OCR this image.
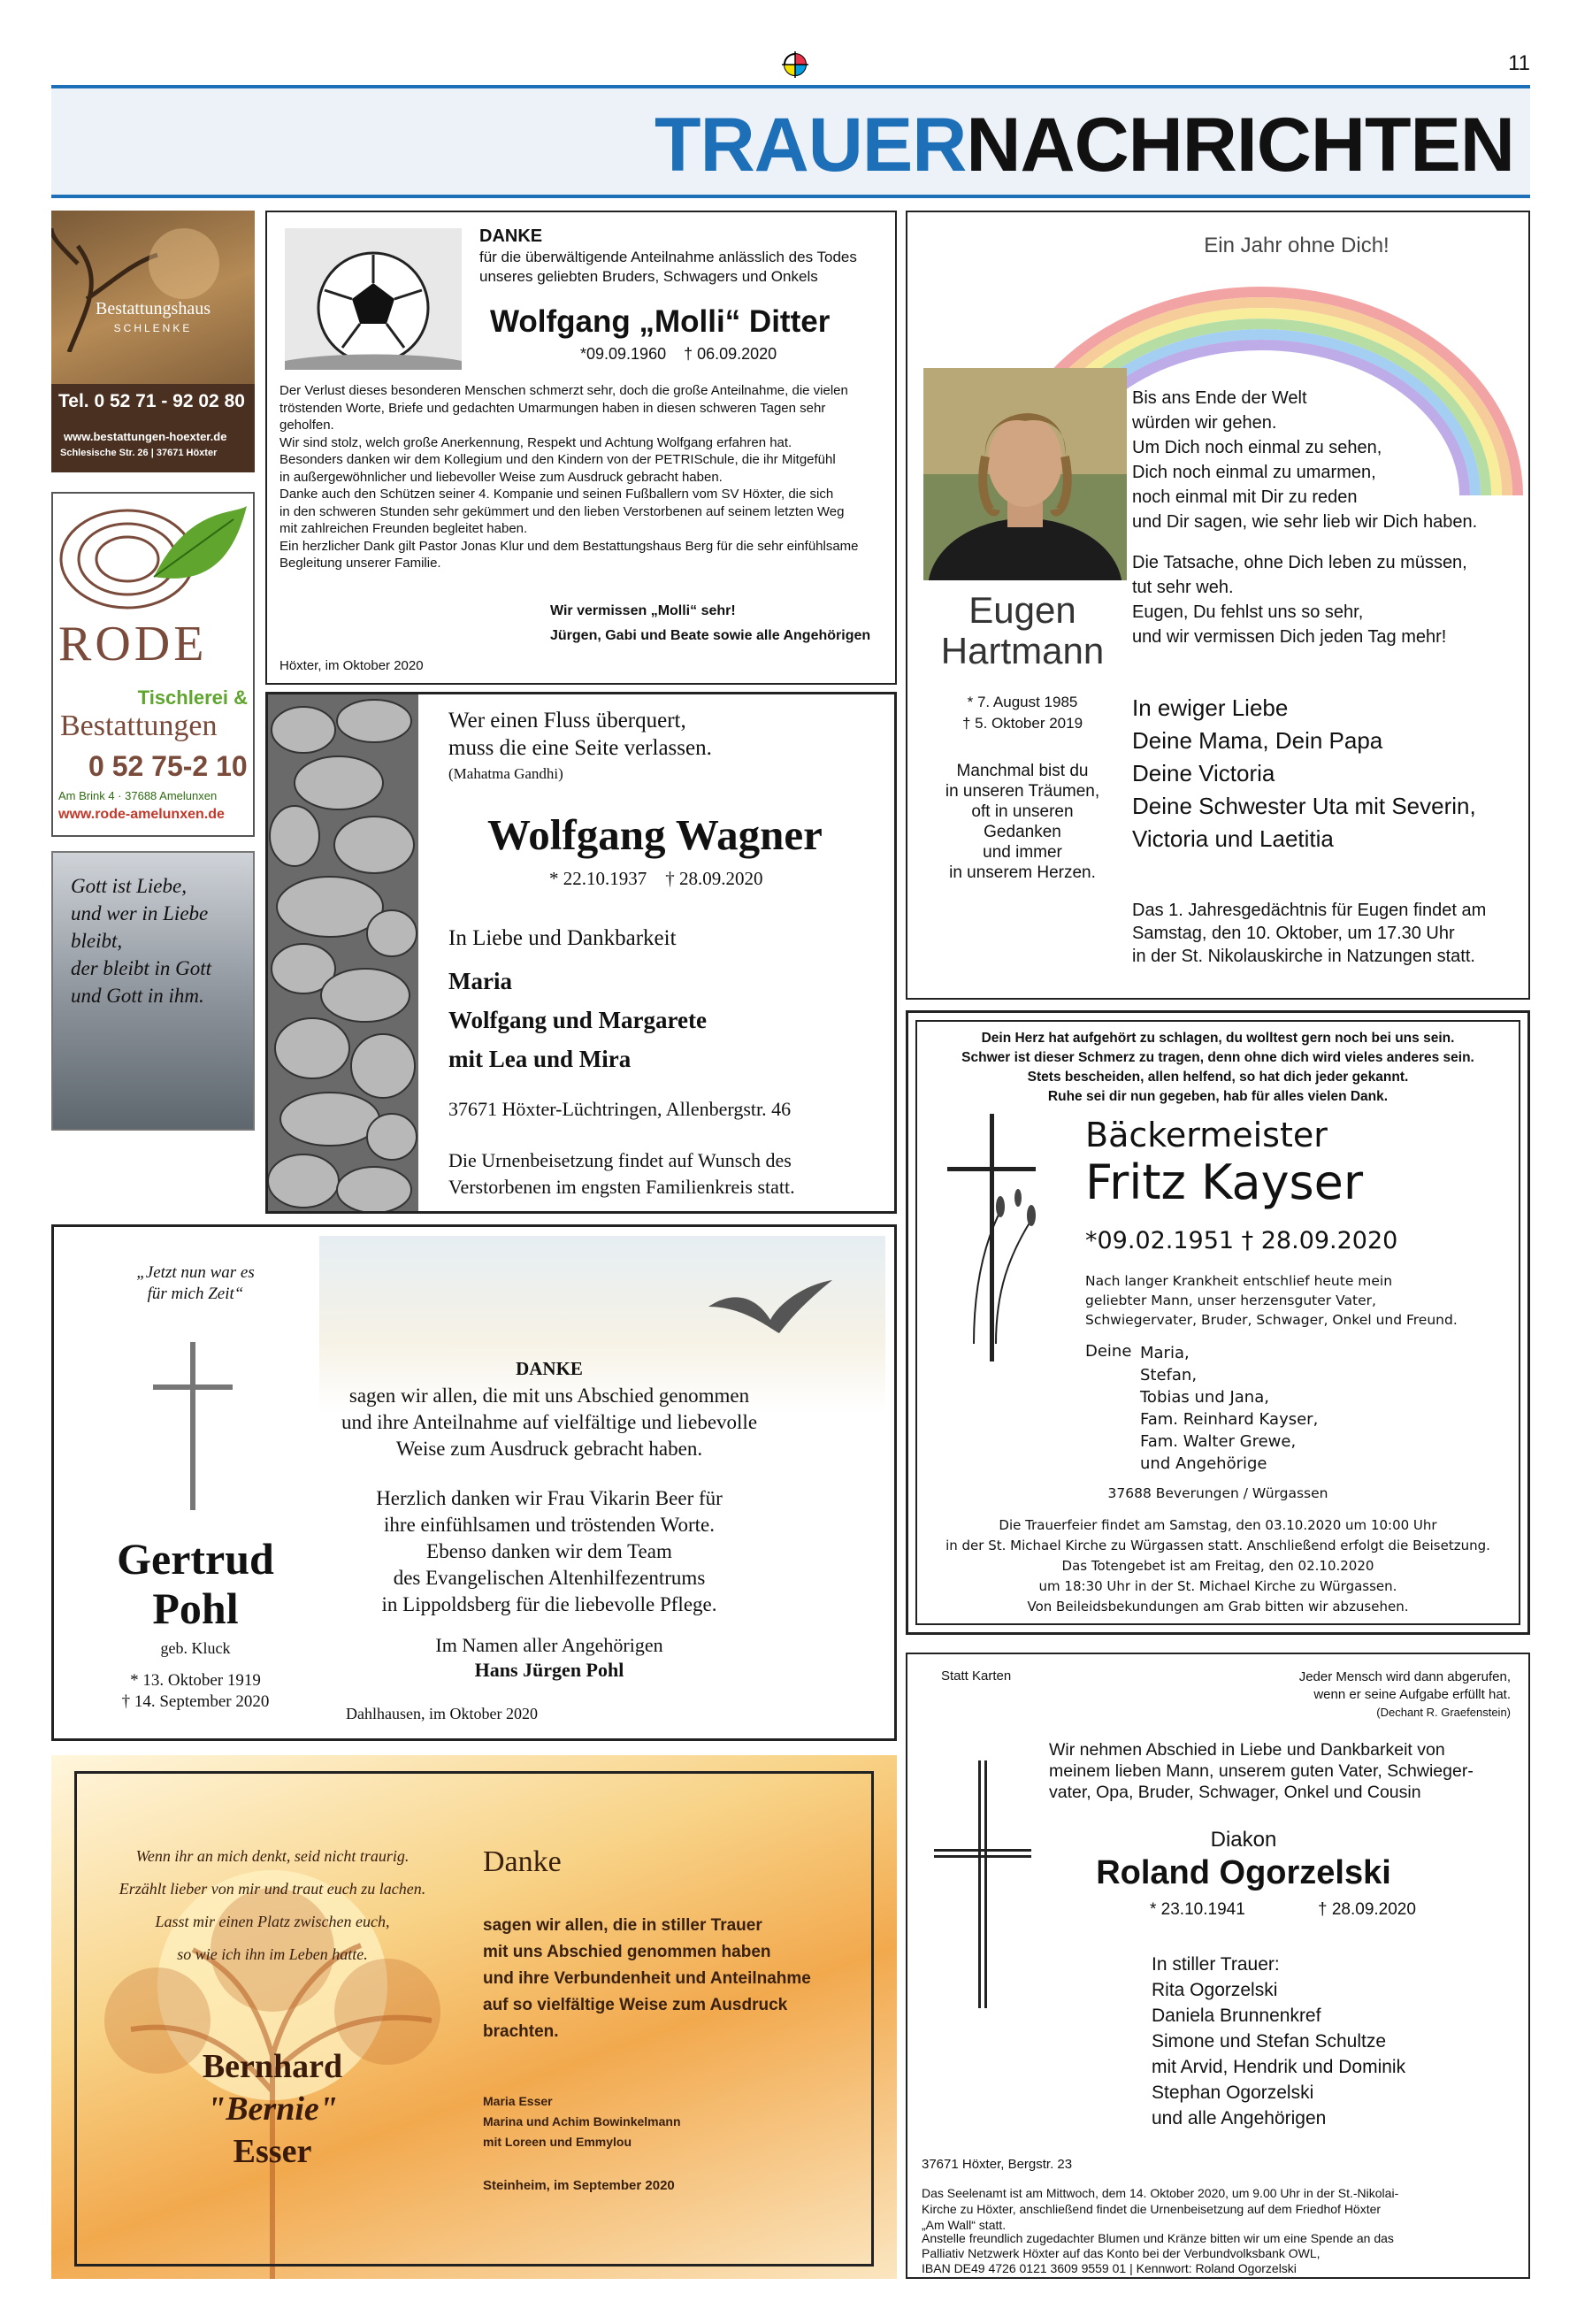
11
TRAUERNACHRICHTEN
Bestattungshaus
SCHLENKE
Tel. 0 52 71 - 92 02 80
www.bestattungen-hoexter.de
Schlesische Str. 26 | 37671 Höxter
RODE
Tischlerei &
Bestattungen
0 52 75-2 10
Am Brink 4 · 37688 Amelunxen
www.rode-amelunxen.de
Gott ist Liebe,
und wer in Liebe
bleibt,
der bleibt in Gott
und Gott in ihm.
DANKE
für die überwältigende Anteilnahme anlässlich des Todes
unseres geliebten Bruders, Schwagers und Onkels
Wolfgang „Molli“ Ditter
*09.09.1960    † 06.09.2020
Der Verlust dieses besonderen Menschen schmerzt sehr, doch die große Anteilnahme, die vielen
tröstenden Worte, Briefe und gedachten Umarmungen haben in diesen schweren Tagen sehr
geholfen.
Wir sind stolz, welch große Anerkennung, Respekt und Achtung Wolfgang erfahren hat.
Besonders danken wir dem Kollegium und den Kindern von der PETRISchule, die ihr Mitgefühl
in außergewöhnlicher und liebevoller Weise zum Ausdruck gebracht haben.
Danke auch den Schützen seiner 4. Kompanie und seinen Fußballern vom SV Höxter, die sich
in den schweren Stunden sehr gekümmert und den lieben Verstorbenen auf seinem letzten Weg
mit zahlreichen Freunden begleitet haben.
Ein herzlicher Dank gilt Pastor Jonas Klur und dem Bestattungshaus Berg für die sehr einfühlsame
Begleitung unserer Familie.
Wir vermissen „Molli“ sehr!
Jürgen, Gabi und Beate sowie alle Angehörigen
Höxter, im Oktober 2020
Wer einen Fluss überquert,
muss die eine Seite verlassen.
(Mahatma Gandhi)
Wolfgang Wagner
* 22.10.1937    † 28.09.2020
In Liebe und Dankbarkeit
Maria
Wolfgang und Margarete
mit Lea und Mira
37671 Höxter-Lüchtringen, Allenbergstr. 46
Die Urnenbeisetzung findet auf Wunsch des
Verstorbenen im engsten Familienkreis statt.
Ein Jahr ohne Dich!
Eugen
Hartmann
* 7. August 1985
† 5. Oktober 2019
Manchmal bist du
in unseren Träumen,
oft in unseren
Gedanken
und immer
in unserem Herzen.
Bis ans Ende der Welt
würden wir gehen.
Um Dich noch einmal zu sehen,
Dich noch einmal zu umarmen,
noch einmal mit Dir zu reden
und Dir sagen, wie sehr lieb wir Dich haben.
Die Tatsache, ohne Dich leben zu müssen,
tut sehr weh.
Eugen, Du fehlst uns so sehr,
und wir vermissen Dich jeden Tag mehr!
In ewiger Liebe
Deine Mama, Dein Papa
Deine Victoria
Deine Schwester Uta mit Severin,
Victoria und Laetitia
Das 1. Jahresgedächtnis für Eugen findet am
Samstag, den 10. Oktober, um 17.30 Uhr
in der St. Nikolauskirche in Natzungen statt.
„Jetzt nun war es
für mich Zeit“
Gertrud
Pohl
geb. Kluck
* 13. Oktober 1919
† 14. September 2020
DANKE
sagen wir allen, die mit uns Abschied genommen
und ihre Anteilnahme auf vielfältige und liebevolle
Weise zum Ausdruck gebracht haben.
Herzlich danken wir Frau Vikarin Beer für
ihre einfühlsamen und tröstenden Worte.
Ebenso danken wir dem Team
des Evangelischen Altenhilfezentrums
in Lippoldsberg für die liebevolle Pflege.
Im Namen aller Angehörigen
Hans Jürgen Pohl
Dahlhausen, im Oktober 2020
Wenn ihr an mich denkt, seid nicht traurig.
Erzählt lieber von mir und traut euch zu lachen.
Lasst mir einen Platz zwischen euch,
so wie ich ihn im Leben hatte.
Bernhard
"Bernie"
Esser
Danke
sagen wir allen, die in stiller Trauer
mit uns Abschied genommen haben
und ihre Verbundenheit und Anteilnahme
auf so vielfältige Weise zum Ausdruck
brachten.
Maria Esser
Marina und Achim Bowinkelmann
mit Loreen und Emmylou
Steinheim, im September 2020
Dein Herz hat aufgehört zu schlagen, du wolltest gern noch bei uns sein.
Schwer ist dieser Schmerz zu tragen, denn ohne dich wird vieles anderes sein.
Stets bescheiden, allen helfend, so hat dich jeder gekannt.
Ruhe sei dir nun gegeben, hab für alles vielen Dank.
Bäckermeister
Fritz Kayser
*09.02.1951 † 28.09.2020
Nach langer Krankheit entschlief heute mein
geliebter Mann, unser herzensguter Vater,
Schwiegervater, Bruder, Schwager, Onkel und Freund.
Deine Maria,
Stefan,
Tobias und Jana,
Fam. Reinhard Kayser,
Fam. Walter Grewe,
und Angehörige
37688 Beverungen / Würgassen
Die Trauerfeier findet am Samstag, den 03.10.2020 um 10:00 Uhr
in der St. Michael Kirche zu Würgassen statt. Anschließend erfolgt die Beisetzung.
Das Totengebet ist am Freitag, den 02.10.2020
um 18:30 Uhr in der St. Michael Kirche zu Würgassen.
Von Beileidsbekundungen am Grab bitten wir abzusehen.
Statt Karten	Jeder Mensch wird dann abgerufen,
wenn er seine Aufgabe erfüllt hat.
(Dechant R. Graefenstein)
Wir nehmen Abschied in Liebe und Dankbarkeit von
meinem lieben Mann, unserem guten Vater, Schwieger-
vater, Opa, Bruder, Schwager, Onkel und Cousin
Diakon
Roland Ogorzelski
* 23.10.1941	† 28.09.2020
In stiller Trauer:
Rita Ogorzelski
Daniela Brunnenkref
Simone und Stefan Schultze
mit Arvid, Hendrik und Dominik
Stephan Ogorzelski
und alle Angehörigen
37671 Höxter, Bergstr. 23
Das Seelenamt ist am Mittwoch, dem 14. Oktober 2020, um 9.00 Uhr in der St.-Nikolai-
Kirche zu Höxter, anschließend findet die Urnenbeisetzung auf dem Friedhof Höxter
„Am Wall“ statt.
Anstelle freundlich zugedachter Blumen und Kränze bitten wir um eine Spende an das
Palliativ Netzwerk Höxter auf das Konto bei der Verbundvolksbank OWL,
IBAN DE49 4726 0121 3609 9559 01 | Kennwort: Roland Ogorzelski
